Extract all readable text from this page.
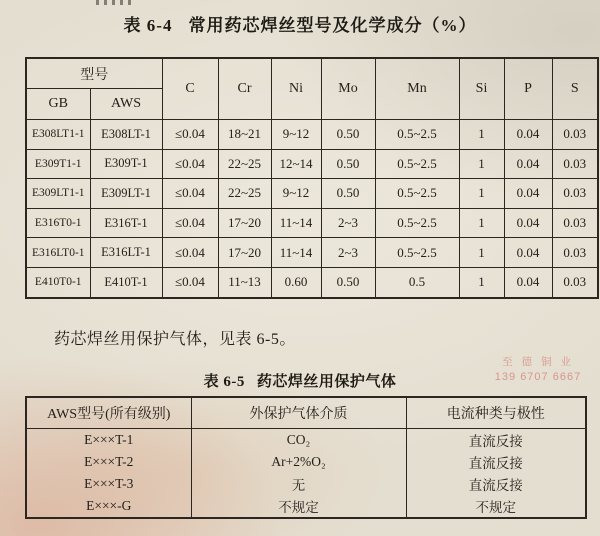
表 6-4 常用药芯焊丝型号及化学成分（%）
型号		C	Cr	Ni	Mo	Mn	Si	P	S
GB	AWS								
E308LT1-1	E308LT-1	≤0.04	18~21	9~12	0.50	0.5~2.5	1	0.04	0.03
E309T1-1	E309T-1	≤0.04	22~25	12~14	0.50	0.5~2.5	1	0.04	0.03
E309LT1-1	E309LT-1	≤0.04	22~25	9~12	0.50	0.5~2.5	1	0.04	0.03
E316T0-1	E316T-1	≤0.04	17~20	11~14	2~3	0.5~2.5	1	0.04	0.03
E316LT0-1	E316LT-1	≤0.04	17~20	11~14	2~3	0.5~2.5	1	0.04	0.03
E410T0-1	E410T-1	≤0.04	11~13	0.60	0.50	0.5	1	0.04	0.03
药芯焊丝用保护气体，见表 6-5。
表 6-5 药芯焊丝用保护气体
AWS型号(所有级别)	外保护气体介质	电流种类与极性
E×××T-1	CO₂	直流反接
E×××T-2	Ar+2%O₂	直流反接
E×××T-3	无	直流反接
E×××-G	不规定	不规定
至 德 铜 业
139 6707 6667
